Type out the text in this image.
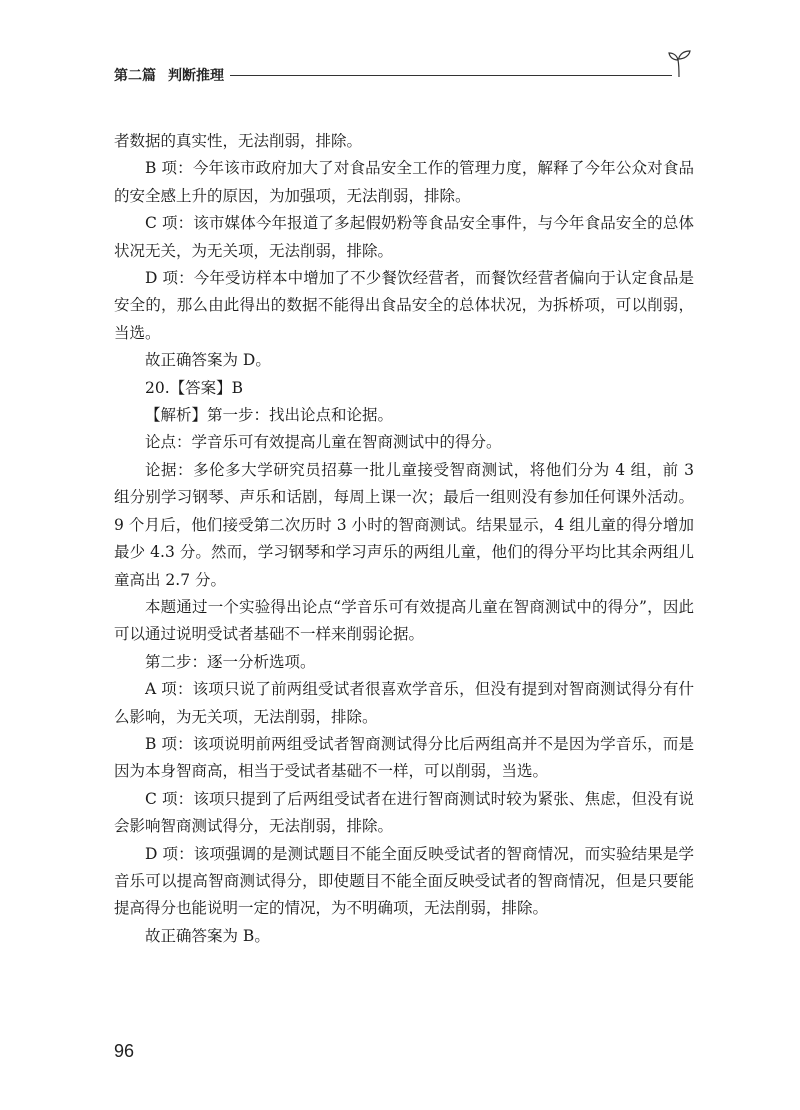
第二篇 判断推理

者数据的真实性，无法削弱，排除。

B 项：今年该市政府加大了对食品安全工作的管理力度，解释了今年公众对食品的安全感上升的原因，为加强项，无法削弱，排除。

C 项：该市媒体今年报道了多起假奶粉等食品安全事件，与今年食品安全的总体状况无关，为无关项，无法削弱，排除。

D 项：今年受访样本中增加了不少餐饮经营者，而餐饮经营者偏向于认定食品是安全的，那么由此得出的数据不能得出食品安全的总体状况，为拆桥项，可以削弱，当选。

故正确答案为 D。

20.【答案】B

【解析】第一步：找出论点和论据。

论点：学音乐可有效提高儿童在智商测试中的得分。

论据：多伦多大学研究员招募一批儿童接受智商测试，将他们分为 4 组，前 3 组分别学习钢琴、声乐和话剧，每周上课一次；最后一组则没有参加任何课外活动。9 个月后，他们接受第二次历时 3 小时的智商测试。结果显示，4 组儿童的得分增加最少 4.3 分。然而，学习钢琴和学习声乐的两组儿童，他们的得分平均比其余两组儿童高出 2.7 分。

本题通过一个实验得出论点“学音乐可有效提高儿童在智商测试中的得分”，因此可以通过说明受试者基础不一样来削弱论据。

第二步：逐一分析选项。

A 项：该项只说了前两组受试者很喜欢学音乐，但没有提到对智商测试得分有什么影响，为无关项，无法削弱，排除。

B 项：该项说明前两组受试者智商测试得分比后两组高并不是因为学音乐，而是因为本身智商高，相当于受试者基础不一样，可以削弱，当选。

C 项：该项只提到了后两组受试者在进行智商测试时较为紧张、焦虑，但没有说会影响智商测试得分，无法削弱，排除。

D 项：该项强调的是测试题目不能全面反映受试者的智商情况，而实验结果是学音乐可以提高智商测试得分，即使题目不能全面反映受试者的智商情况，但是只要能提高得分也能说明一定的情况，为不明确项，无法削弱，排除。

故正确答案为 B。

96
